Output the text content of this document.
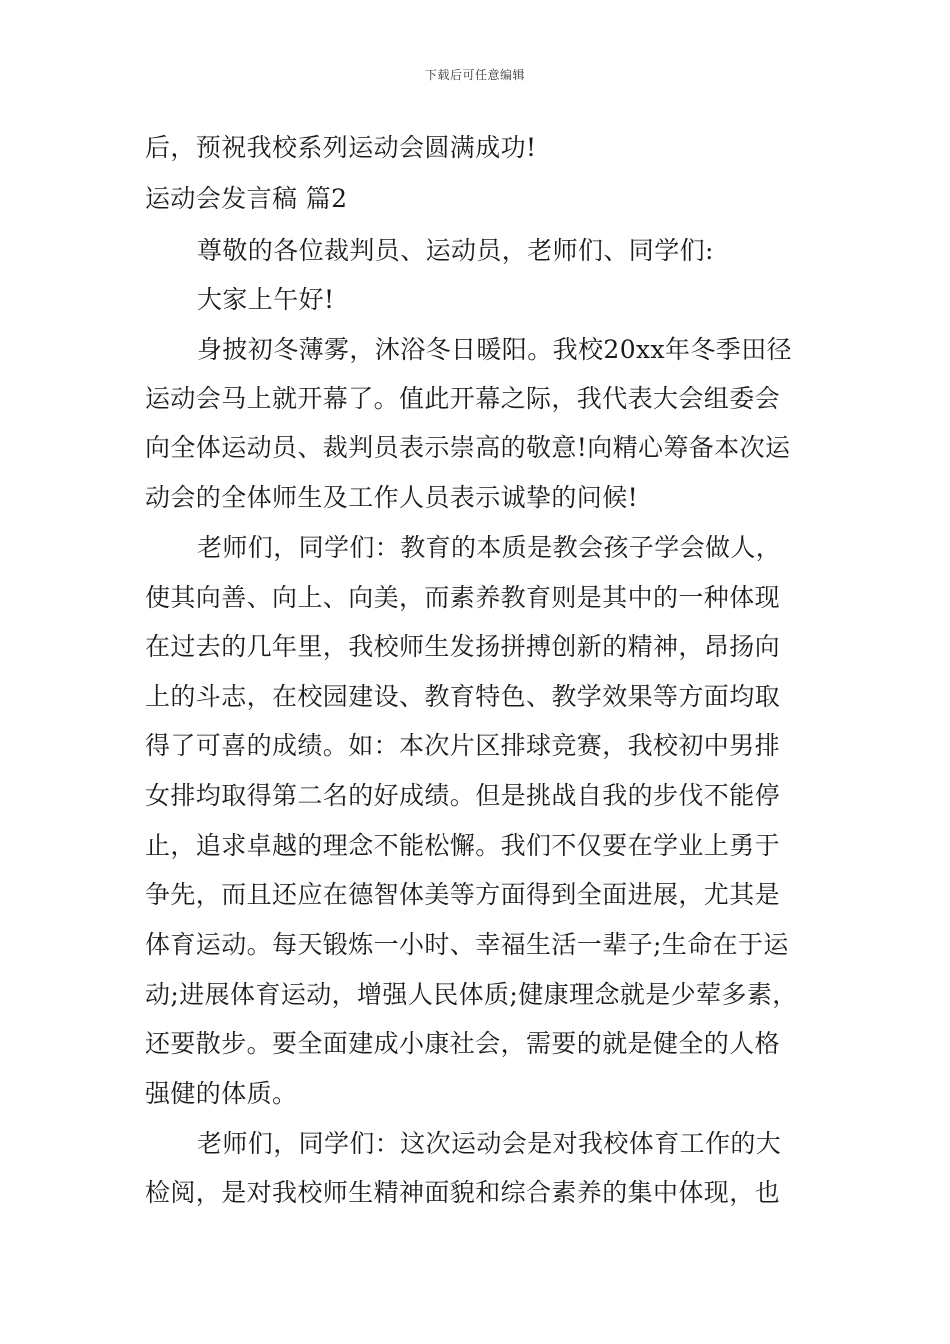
下载后可任意编辑
后，预祝我校系列运动会圆满成功!
运动会发言稿 篇2
尊敬的各位裁判员、运动员，老师们、同学们:
大家上午好!
身披初冬薄雾，沐浴冬日暖阳。我校20xx年冬季田径
运动会马上就开幕了。值此开幕之际，我代表大会组委会
向全体运动员、裁判员表示崇高的敬意!向精心筹备本次运
动会的全体师生及工作人员表示诚挚的问候!
老师们，同学们：教育的本质是教会孩子学会做人，
使其向善、向上、向美，而素养教育则是其中的一种体现
在过去的几年里，我校师生发扬拼搏创新的精神，昂扬向
上的斗志，在校园建设、教育特色、教学效果等方面均取
得了可喜的成绩。如：本次片区排球竞赛，我校初中男排
女排均取得第二名的好成绩。但是挑战自我的步伐不能停
止，追求卓越的理念不能松懈。我们不仅要在学业上勇于
争先，而且还应在德智体美等方面得到全面进展，尤其是
体育运动。每天锻炼一小时、幸福生活一辈子;生命在于运
动;进展体育运动，增强人民体质;健康理念就是少荤多素，
还要散步。要全面建成小康社会，需要的就是健全的人格
强健的体质。
老师们，同学们：这次运动会是对我校体育工作的大
检阅，是对我校师生精神面貌和综合素养的集中体现，也
